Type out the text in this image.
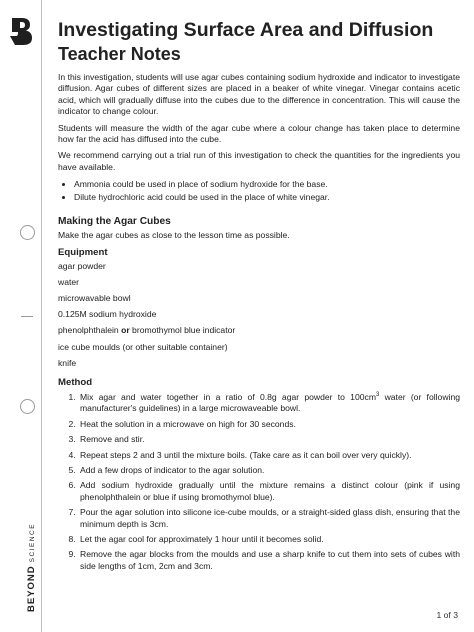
BEYONDSCIENCE
Investigating Surface Area and Diffusion
Teacher Notes

In this investigation, students will use agar cubes containing sodium hydroxide and indicator to investigate diffusion. Agar cubes of different sizes are placed in a beaker of white vinegar. Vinegar contains acetic acid, which will gradually diffuse into the cubes due to the difference in concentration. This will cause the indicator to change colour.

Students will measure the width of the agar cube where a colour change has taken place to determine how far the acid has diffused into the cube.

We recommend carrying out a trial run of this investigation to check the quantities for the ingredients you have available.

• Ammonia could be used in place of sodium hydroxide for the base.
• Dilute hydrochloric acid could be used in the place of white vinegar.
Making the Agar Cubes

Make the agar cubes as close to the lesson time as possible.

Equipment
agar powder
water
microwavable bowl
0.125M sodium hydroxide
phenolphthalein or bromothymol blue indicator
ice cube moulds (or other suitable container)
knife
Method
1. Mix agar and water together in a ratio of 0.8g agar powder to $100cm^3$ water (or following manufacturer's guidelines) in a large microwaveable bowl.
2. Heat the solution in a microwave on high for 30 seconds.
3. Remove and stir.
4. Repeat steps 2 and 3 until the mixture boils. (Take care as it can boil over very quickly).
5. Add a few drops of indicator to the agar solution.
6. Add sodium hydroxide gradually until the mixture remains a distinct colour (pink if using phenolphthalein or blue if using bromothymol blue).
7. Pour the agar solution into silicone ice-cube moulds, or a straight-sided glass dish, ensuring that the minimum depth is 3cm.
8. Let the agar cool for approximately 1 hour until it becomes solid.
9. Remove the agar blocks from the moulds and use a sharp knife to cut them into sets of cubes with side lengths of 1cm, 2cm and 3cm.
1 of 3
